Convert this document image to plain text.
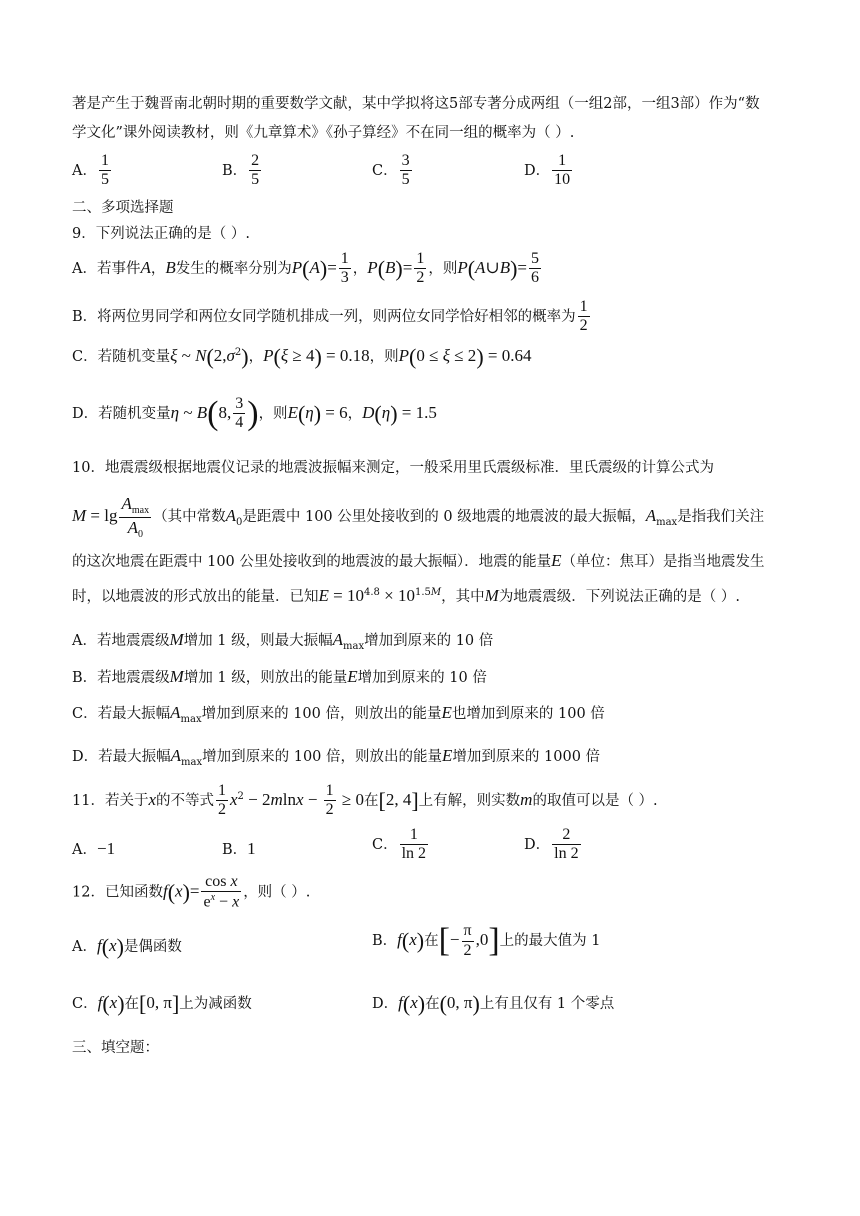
著是产生于魏晋南北朝时期的重要数学文献，某中学拟将这5部专著分成两组（一组2部，一组3部）作为“数
学文化”课外阅读教材，则《九章算术》《孙子算经》不在同一组的概率为（ ）.
A． $\frac{1}{5}$	B． $\frac{2}{5}$	C． $\frac{3}{5}$	D． $\frac{1}{10}$
二、多项选择题
9．下列说法正确的是（ ）.
A．若事件A，B发生的概率分别为$P(A)= \frac{1}{3}$ ，$P(B)= \frac{1}{2}$ ，则P(A∪B)= $\frac{5}{6}$
B．将两位男同学和两位女同学随机排成一列，则两位女同学恰好相邻的概率为 $\frac{1}{2}$
C．若随机变量ξ ~ $N(2,\sigma^2)$，P(ξ ≥ 4) = 0.18，则P(0 ≤ ξ ≤ 2) = 0.64
D．若随机变量η ~ B(8, $\frac{3}{4}$ )，则E(η) = 6，D(η) = 1.5
10．地震震级根据地震仪记录的地震波振幅来测定，一般采用里氏震级标准．里氏震级的计算公式为
$M = \lg \frac{A_{max}}{A_0}$ （其中常数$A_0$是距震中 100 公里处接收到的 0 级地震的地震波的最大振幅，$A_{max}$是指我们关注
的这次地震在距震中 100 公里处接收到的地震波的最大振幅）．地震的能量E（单位：焦耳）是指当地震发生
时，以地震波的形式放出的能量．已知$E = 10^{4.8} \times 10^{1.5M}$，其中M为地震震级．下列说法正确的是（ ）.
A．若地震震级M增加 1 级，则最大振幅$A_{max}$增加到原来的 10 倍
B．若地震震级M增加 1 级，则放出的能量E增加到原来的 10 倍
C．若最大振幅$A_{max}$增加到原来的 100 倍，则放出的能量E也增加到原来的 100 倍
D．若最大振幅$A_{max}$增加到原来的 100 倍，则放出的能量E增加到原来的 1000 倍
11．若关于x的不等式 $\frac{1}{2} x^2 - 2mlnx - \frac{1}{2} \ge 0$在[2, 4]上有解，则实数m的取值可以是（ ）.
A．−1	B．1	C． $\frac{1}{\ln 2}$	D． $\frac{2}{\ln 2}$
12．已知函数$f(x)= \frac{\text{cos x}}{e^x - x}$ ，则（ ）.
A．f(x)是偶函数	B．f(x)在[− $\frac{\pi}{2} ,0$]上的最大值为 1
C．f(x)在[0, π]上为减函数	D．f(x)在(0, π)上有且仅有 1 个零点
三、填空题：
